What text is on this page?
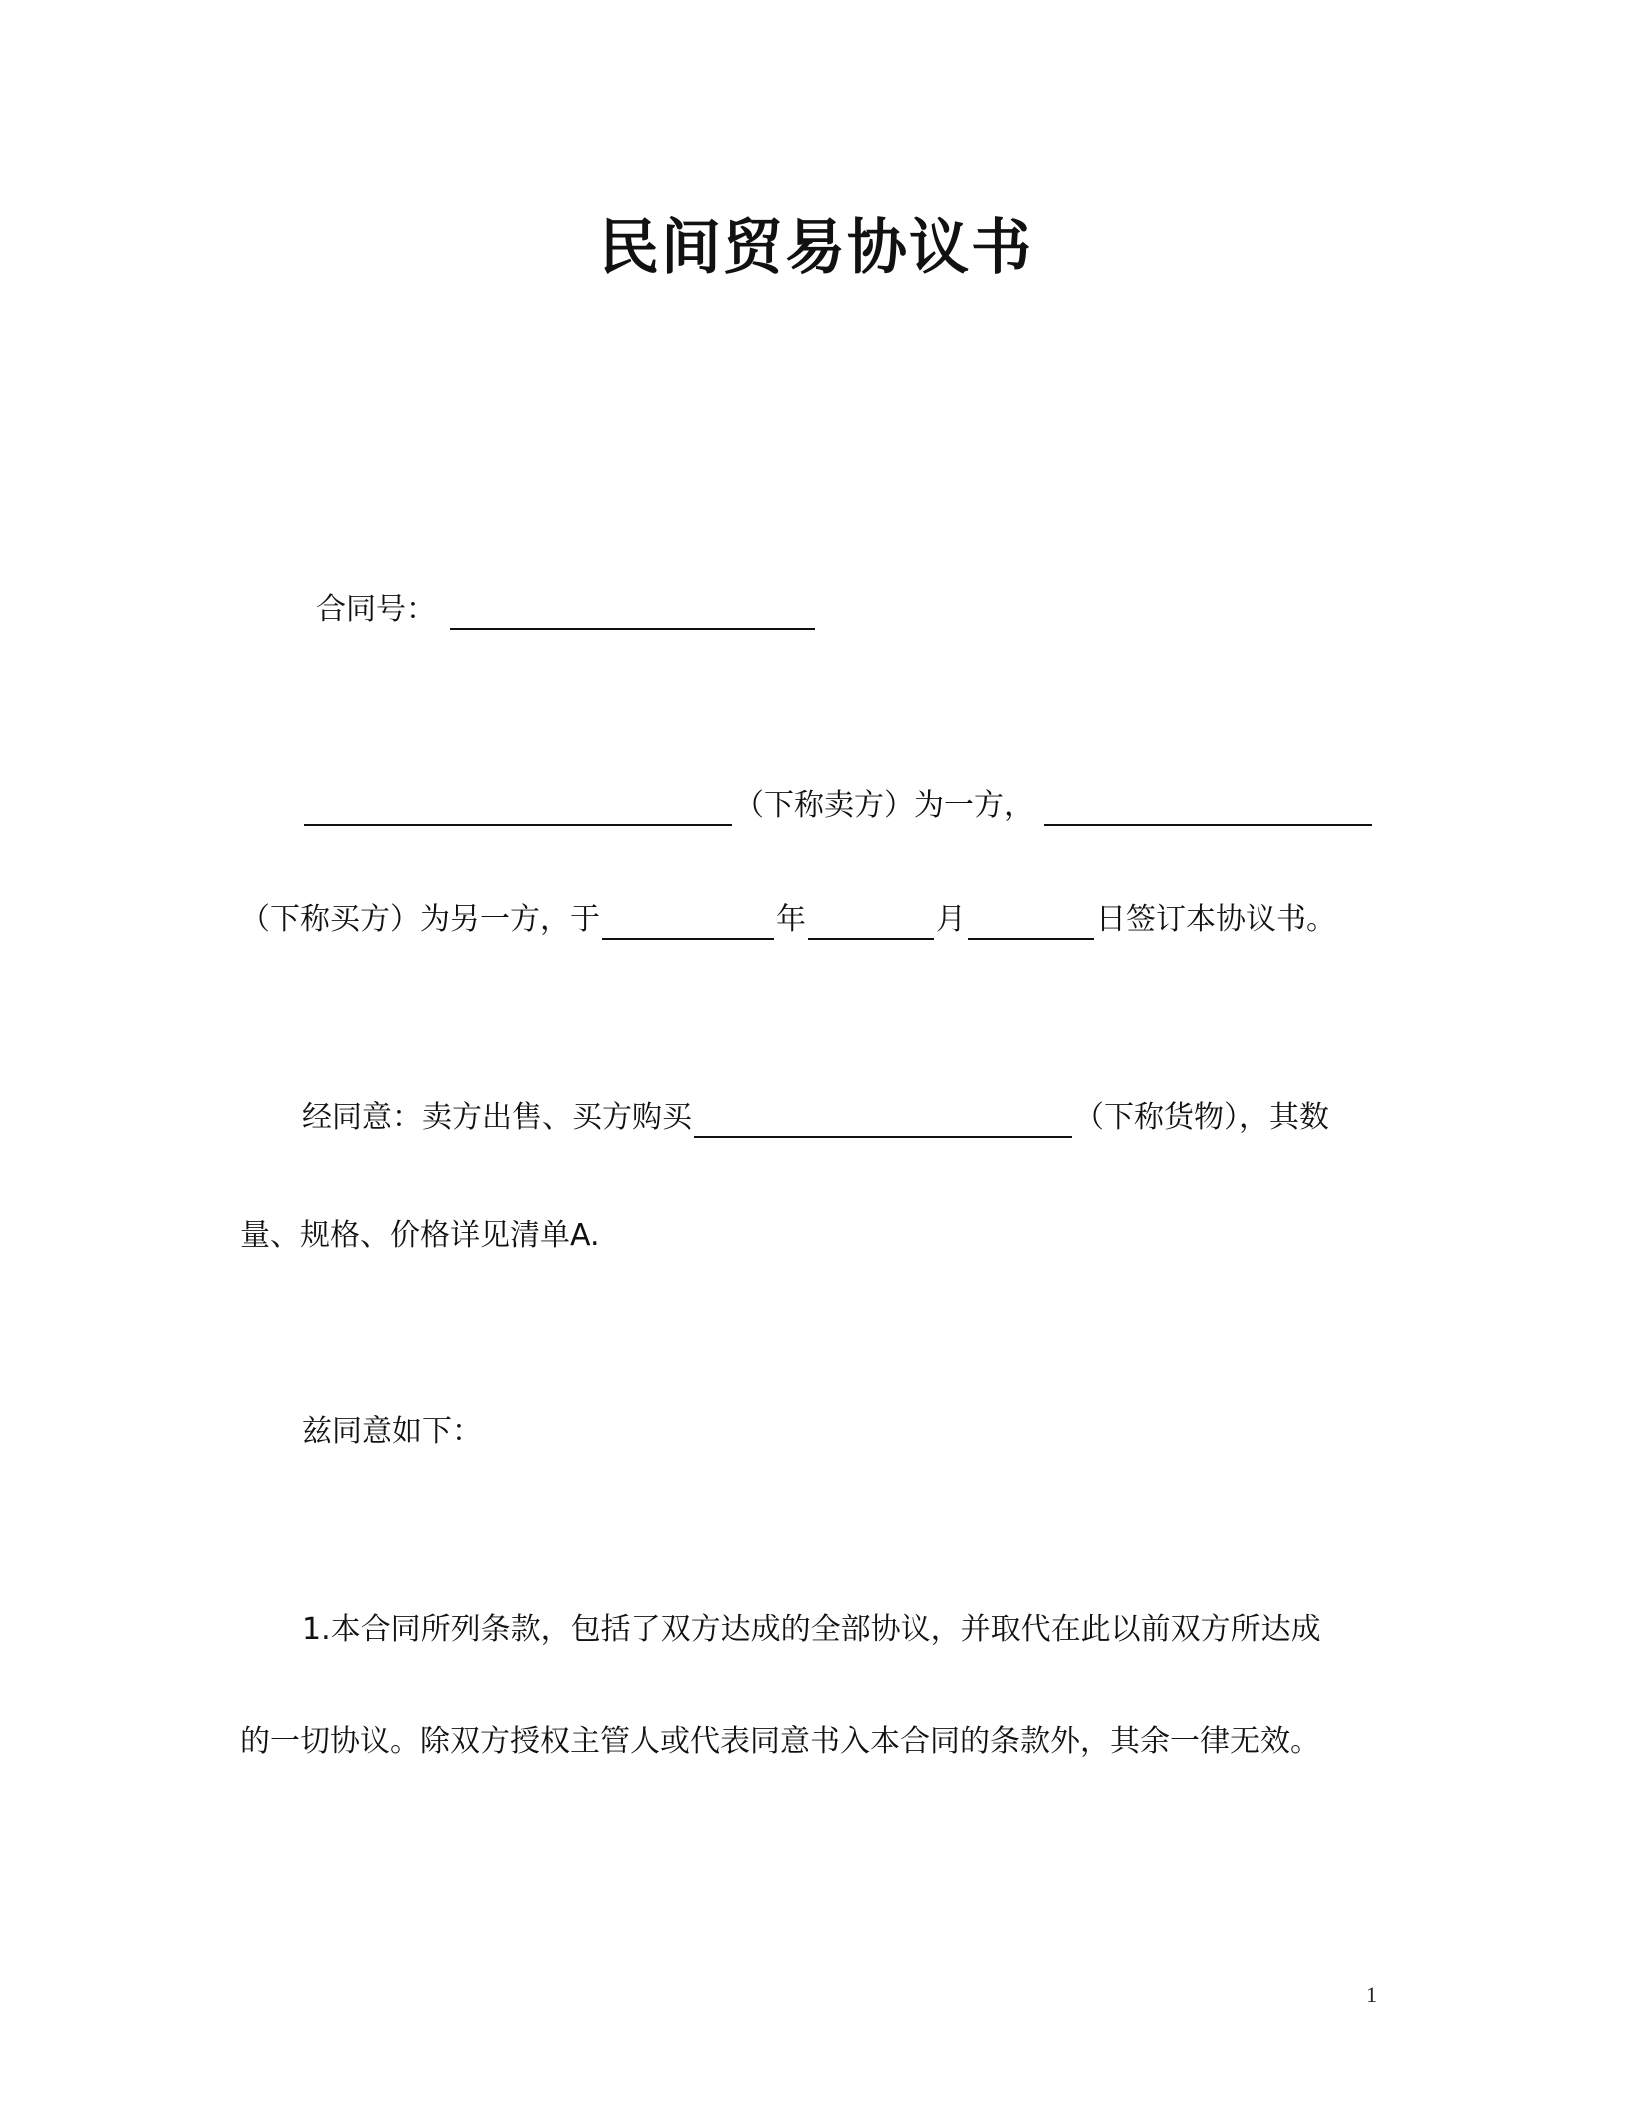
民间贸易协议书
合同号：
（下称卖方）为一方，
（下称买方）为另一方，于	年	月	日签订本协议书。
经同意：卖方出售、买方购买	（下称货物），其数
量、规格、价格详见清单A.
兹同意如下：
1.本合同所列条款，包括了双方达成的全部协议，并取代在此以前双方所达成
的一切协议。除双方授权主管人或代表同意书入本合同的条款外，其余一律无效。
1
